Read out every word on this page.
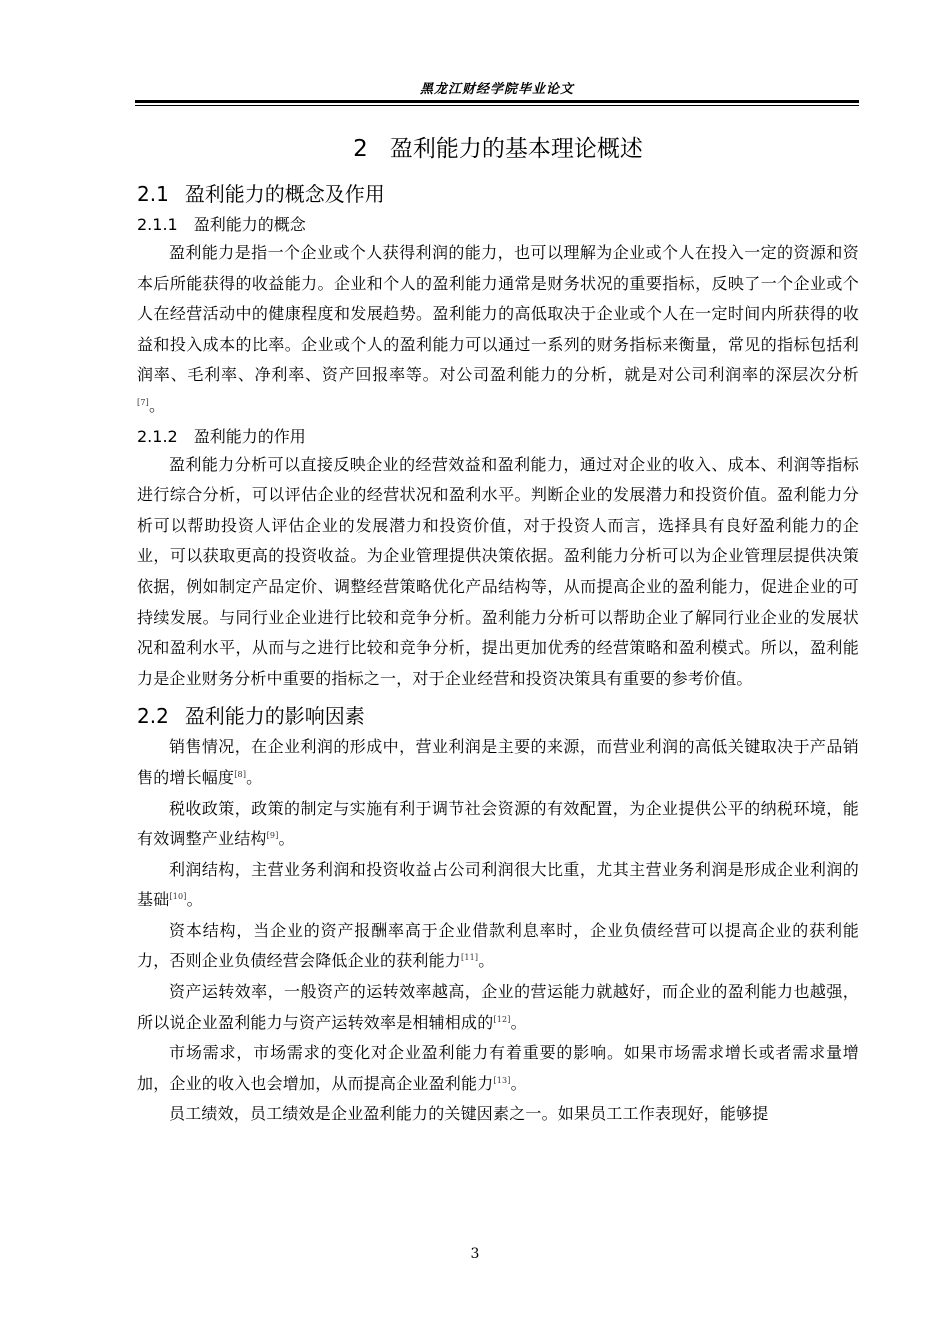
黑龙江财经学院毕业论文
2 盈利能力的基本理论概述
2.1 盈利能力的概念及作用
2.1.1 盈利能力的概念

盈利能力是指一个企业或个人获得利润的能力，也可以理解为企业或个人在投入一定的资源和资本后所能获得的收益能力。企业和个人的盈利能力通常是财务状况的重要指标，反映了一个企业或个人在经营活动中的健康程度和发展趋势。盈利能力的高低取决于企业或个人在一定时间内所获得的收益和投入成本的比率。企业或个人的盈利能力可以通过一系列的财务指标来衡量，常见的指标包括利润率、毛利率、净利率、资产回报率等。对公司盈利能力的分析，就是对公司利润率的深层次分析[7]。

2.1.2 盈利能力的作用

盈利能力分析可以直接反映企业的经营效益和盈利能力，通过对企业的收入、成本、利润等指标进行综合分析，可以评估企业的经营状况和盈利水平。判断企业的发展潜力和投资价值。盈利能力分析可以帮助投资人评估企业的发展潜力和投资价值，对于投资人而言，选择具有良好盈利能力的企业，可以获取更高的投资收益。为企业管理提供决策依据。盈利能力分析可以为企业管理层提供决策依据，例如制定产品定价、调整经营策略优化产品结构等，从而提高企业的盈利能力，促进企业的可持续发展。与同行业企业进行比较和竞争分析。盈利能力分析可以帮助企业了解同行业企业的发展状况和盈利水平，从而与之进行比较和竞争分析，提出更加优秀的经营策略和盈利模式。所以，盈利能力是企业财务分析中重要的指标之一，对于企业经营和投资决策具有重要的参考价值。

2.2 盈利能力的影响因素

销售情况，在企业利润的形成中，营业利润是主要的来源，而营业利润的高低关键取决于产品销售的增长幅度[8]。

税收政策，政策的制定与实施有利于调节社会资源的有效配置，为企业提供公平的纳税环境，能有效调整产业结构[9]。

利润结构，主营业务利润和投资收益占公司利润很大比重，尤其主营业务利润是形成企业利润的基础[10]。

资本结构，当企业的资产报酬率高于企业借款利息率时，企业负债经营可以提高企业的获利能力，否则企业负债经营会降低企业的获利能力[11]。

资产运转效率，一般资产的运转效率越高，企业的营运能力就越好，而企业的盈利能力也越强，所以说企业盈利能力与资产运转效率是相辅相成的[12]。

市场需求，市场需求的变化对企业盈利能力有着重要的影响。如果市场需求增长或者需求量增加，企业的收入也会增加，从而提高企业盈利能力[13]。

员工绩效，员工绩效是企业盈利能力的关键因素之一。如果员工工作表现好，能够提

3
